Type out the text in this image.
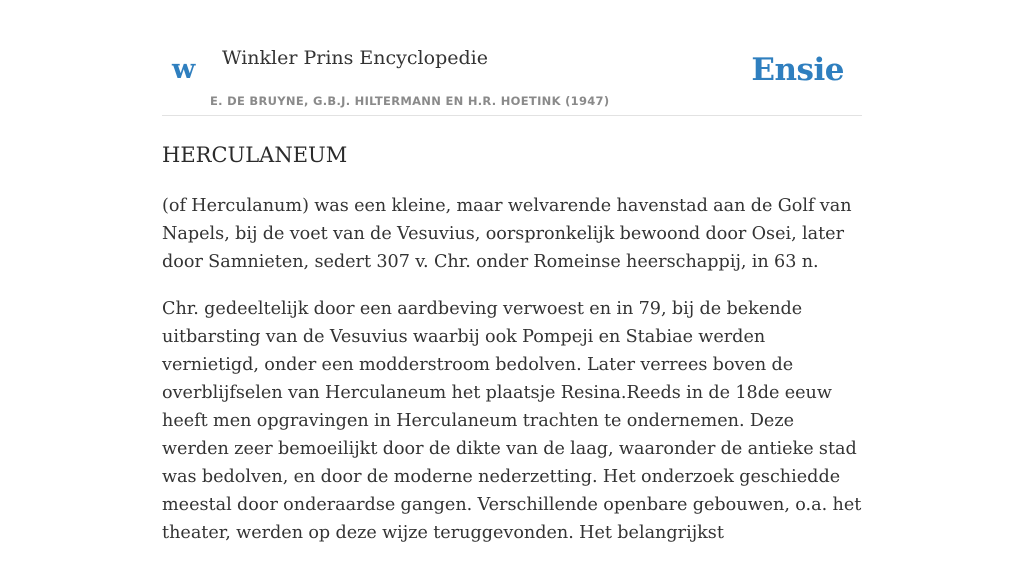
w Winkler Prins Encyclopedie
E. DE BRUYNE, G.B.J. HILTERMANN EN H.R. HOETINK (1947)
Ensie
HERCULANEUM

(of Herculanum) was een kleine, maar welvarende havenstad aan de Golf van Napels, bij de voet van de Vesuvius, oorspronkelijk bewoond door Osei, later door Samnieten, sedert 307 v. Chr. onder Romeinse heerschappij, in 63 n.

Chr. gedeeltelijk door een aardbeving verwoest en in 79, bij de bekende uitbarsting van de Vesuvius waarbij ook Pompeji en Stabiae werden vernietigd, onder een modderstroom bedolven. Later verrees boven de overblijfselen van Herculaneum het plaatsje Resina.Reeds in de 18de eeuw heeft men opgravingen in Herculaneum trachten te ondernemen. Deze werden zeer bemoeilijkt door de dikte van de laag, waaronder de antieke stad was bedolven, en door de moderne nederzetting. Het onderzoek geschiedde meestal door onderaardse gangen. Verschillende openbare gebouwen, o.a. het theater, werden op deze wijze teruggevonden. Het belangrijkst
